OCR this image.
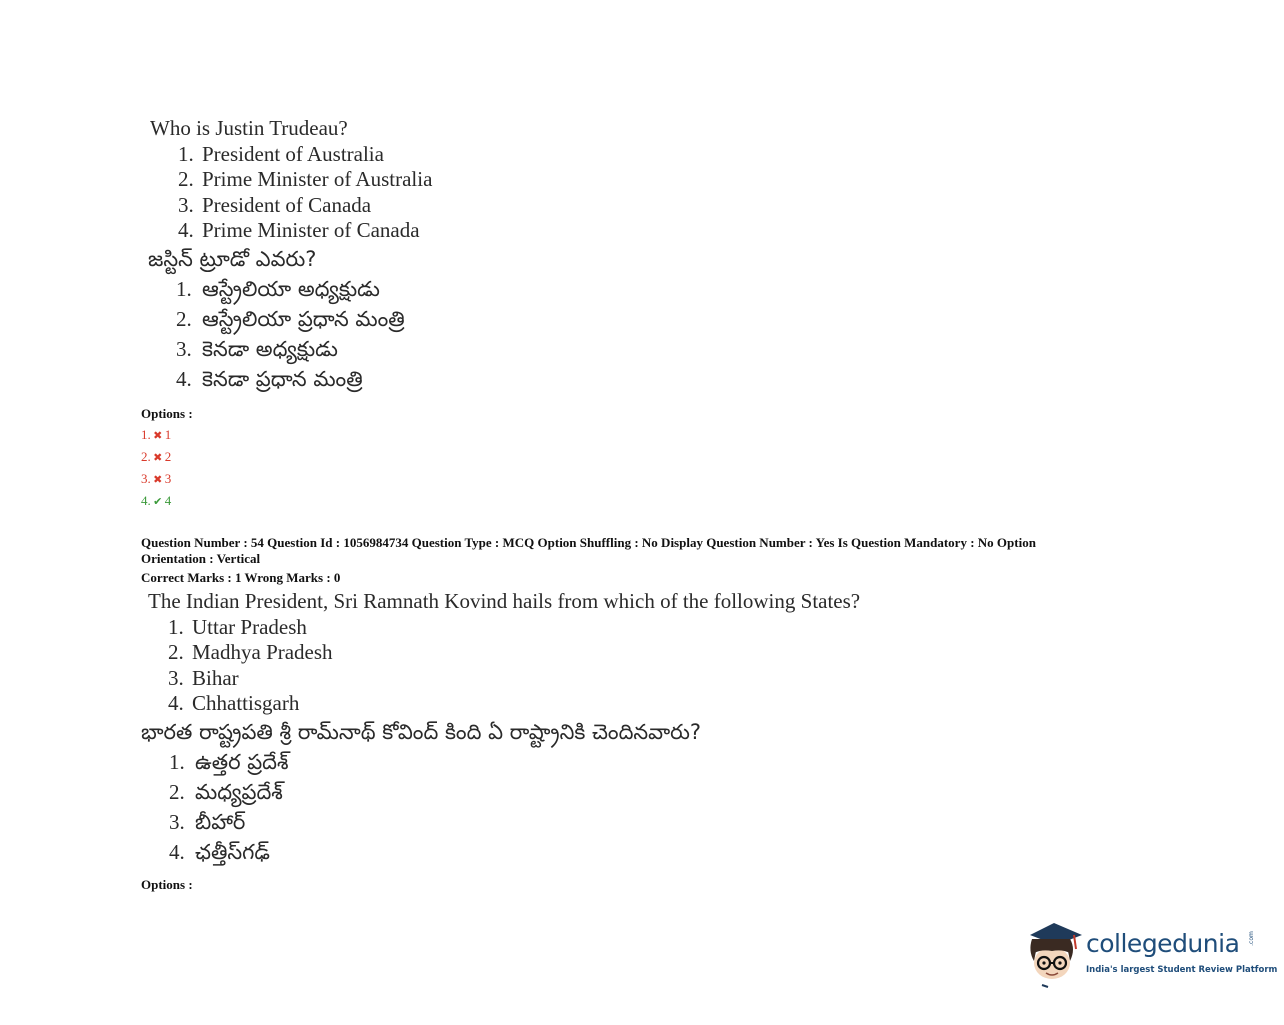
Who is Justin Trudeau?
1. President of Australia
2. Prime Minister of Australia
3. President of Canada
4. Prime Minister of Canada
జస్టిన్ ట్రూడో ఎవరు?
1. ఆస్ట్రేలియా అధ్యక్షుడు
2. ఆస్ట్రేలియా ప్రధాన మంత్రి
3. కెనడా అధ్యక్షుడు
4. కెనడా ప్రధాన మంత్రి
Options :
1. ✖ 1
2. ✖ 2
3. ✖ 3
4. ✔ 4
Question Number : 54 Question Id : 1056984734 Question Type : MCQ Option Shuffling : No Display Question Number : Yes Is Question Mandatory : No Option
Orientation : Vertical
Correct Marks : 1 Wrong Marks : 0
The Indian President, Sri Ramnath Kovind hails from which of the following States?
1. Uttar Pradesh
2. Madhya Pradesh
3. Bihar
4. Chhattisgarh
భారత రాష్ట్రపతి శ్రీ రామ్‌నాథ్ కోవింద్ కింది ఏ రాష్ట్రానికి చెందినవారు?
1. ఉత్తర ప్రదేశ్
2. మధ్యప్రదేశ్
3. బీహార్
4. ఛత్తీస్‌గఢ్
Options :
collegedunia .com
India's largest Student Review Platform
